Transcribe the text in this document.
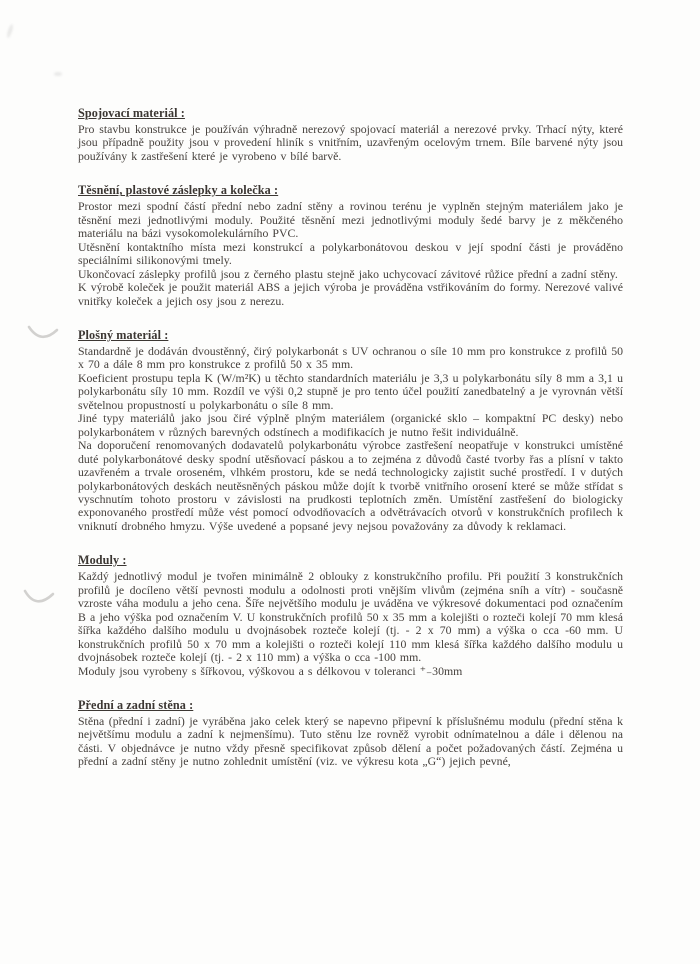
Spojovací materiál :

Pro stavbu konstrukce je používán výhradně nerezový spojovací materiál a nerezové prvky. Trhací nýty, které jsou případně použity jsou v provedení hliník s vnitřním, uzavřeným ocelovým trnem. Bíle barvené nýty jsou používány k zastřešení které je vyrobeno v bílé barvě.

Těsnění, plastové záslepky a kolečka :

Prostor mezi spodní částí přední nebo zadní stěny a rovinou terénu je vyplněn stejným materiálem jako je těsnění mezi jednotlivými moduly. Použité těsnění mezi jednotlivými moduly šedé barvy je z měkčeného materiálu na bázi vysokomolekulárního PVC.

Utěsnění kontaktního místa mezi konstrukcí a polykarbonátovou deskou v její spodní části je prováděno speciálními silikonovými tmely.

Ukončovací záslepky profilů jsou z černého plastu stejně jako uchycovací závitové růžice přední a zadní stěny.

K výrobě koleček je použit materiál ABS a jejich výroba je prováděna vstřikováním do formy. Nerezové valivé vnitřky koleček a jejich osy jsou z nerezu.

Plošný materiál :

Standardně je dodáván dvoustěnný, čirý polykarbonát s UV ochranou o síle 10 mm pro konstrukce z profilů 50 x 70 a dále 8 mm pro konstrukce z profilů 50 x 35 mm.

Koeficient prostupu tepla K (W/m²K) u těchto standardních materiálu je 3,3 u polykarbonátu síly 8 mm a 3,1 u polykarbonátu síly 10 mm. Rozdíl ve výši 0,2 stupně je pro tento účel použití zanedbatelný a je vyrovnán větší světelnou propustností u polykarbonátu o síle 8 mm.

Jiné typy materiálů jako jsou čiré výplně plným materiálem (organické sklo – kompaktní PC desky) nebo polykarbonátem v různých barevných odstínech a modifikacích je nutno řešit individuálně.

Na doporučení renomovaných dodavatelů polykarbonátu výrobce zastřešení neopatřuje v konstrukci umístěné duté polykarbonátové desky spodní utěsňovací páskou a to zejména z důvodů časté tvorby řas a plísní v takto uzavřeném a trvale oroseném, vlhkém prostoru, kde se nedá technologicky zajistit suché prostředí. I v dutých polykarbonátových deskách neutěsněných páskou může dojít k tvorbě vnitřního orosení které se může střídat s vyschnutím tohoto prostoru v závislosti na prudkosti teplotních změn. Umístění zastřešení do biologicky exponovaného prostředí může vést pomocí odvodňovacích a odvětrávacích otvorů v konstrukčních profilech k vniknutí drobného hmyzu. Výše uvedené a popsané jevy nejsou považovány za důvody k reklamaci.

Moduly :

Každý jednotlivý modul je tvořen minimálně 2 oblouky z konstrukčního profilu. Při použití 3 konstrukčních profilů je docíleno větší pevnosti modulu a odolnosti proti vnějším vlivům (zejména sníh a vítr) - současně vzroste váha modulu a jeho cena. Šíře největšího modulu je uváděna ve výkresové dokumentaci pod označením B a jeho výška pod označením V. U konstrukčních profilů 50 x 35 mm a kolejišti o rozteči kolejí 70 mm klesá šířka každého dalšího modulu u dvojnásobek rozteče kolejí (tj. - 2 x 70 mm) a výška o cca -60 mm. U konstrukčních profilů 50 x 70 mm a kolejišti o rozteči kolejí 110 mm klesá šířka každého dalšího modulu u dvojnásobek rozteče kolejí (tj. - 2 x 110 mm) a výška o cca -100 mm.

Moduly jsou vyrobeny s šířkovou, výškovou a s délkovou v toleranci ⁺₋30mm

Přední a zadní stěna :

Stěna (přední i zadní) je vyráběna jako celek který se napevno připevní k příslušnému modulu (přední stěna k největšímu modulu a zadní k nejmenšímu). Tuto stěnu lze rovněž vyrobit odnímatelnou a dále i dělenou na části. V objednávce je nutno vždy přesně specifikovat způsob dělení a počet požadovaných částí. Zejména u přední a zadní stěny je nutno zohlednit umístění (viz. ve výkresu kota „G“) jejich pevné,
